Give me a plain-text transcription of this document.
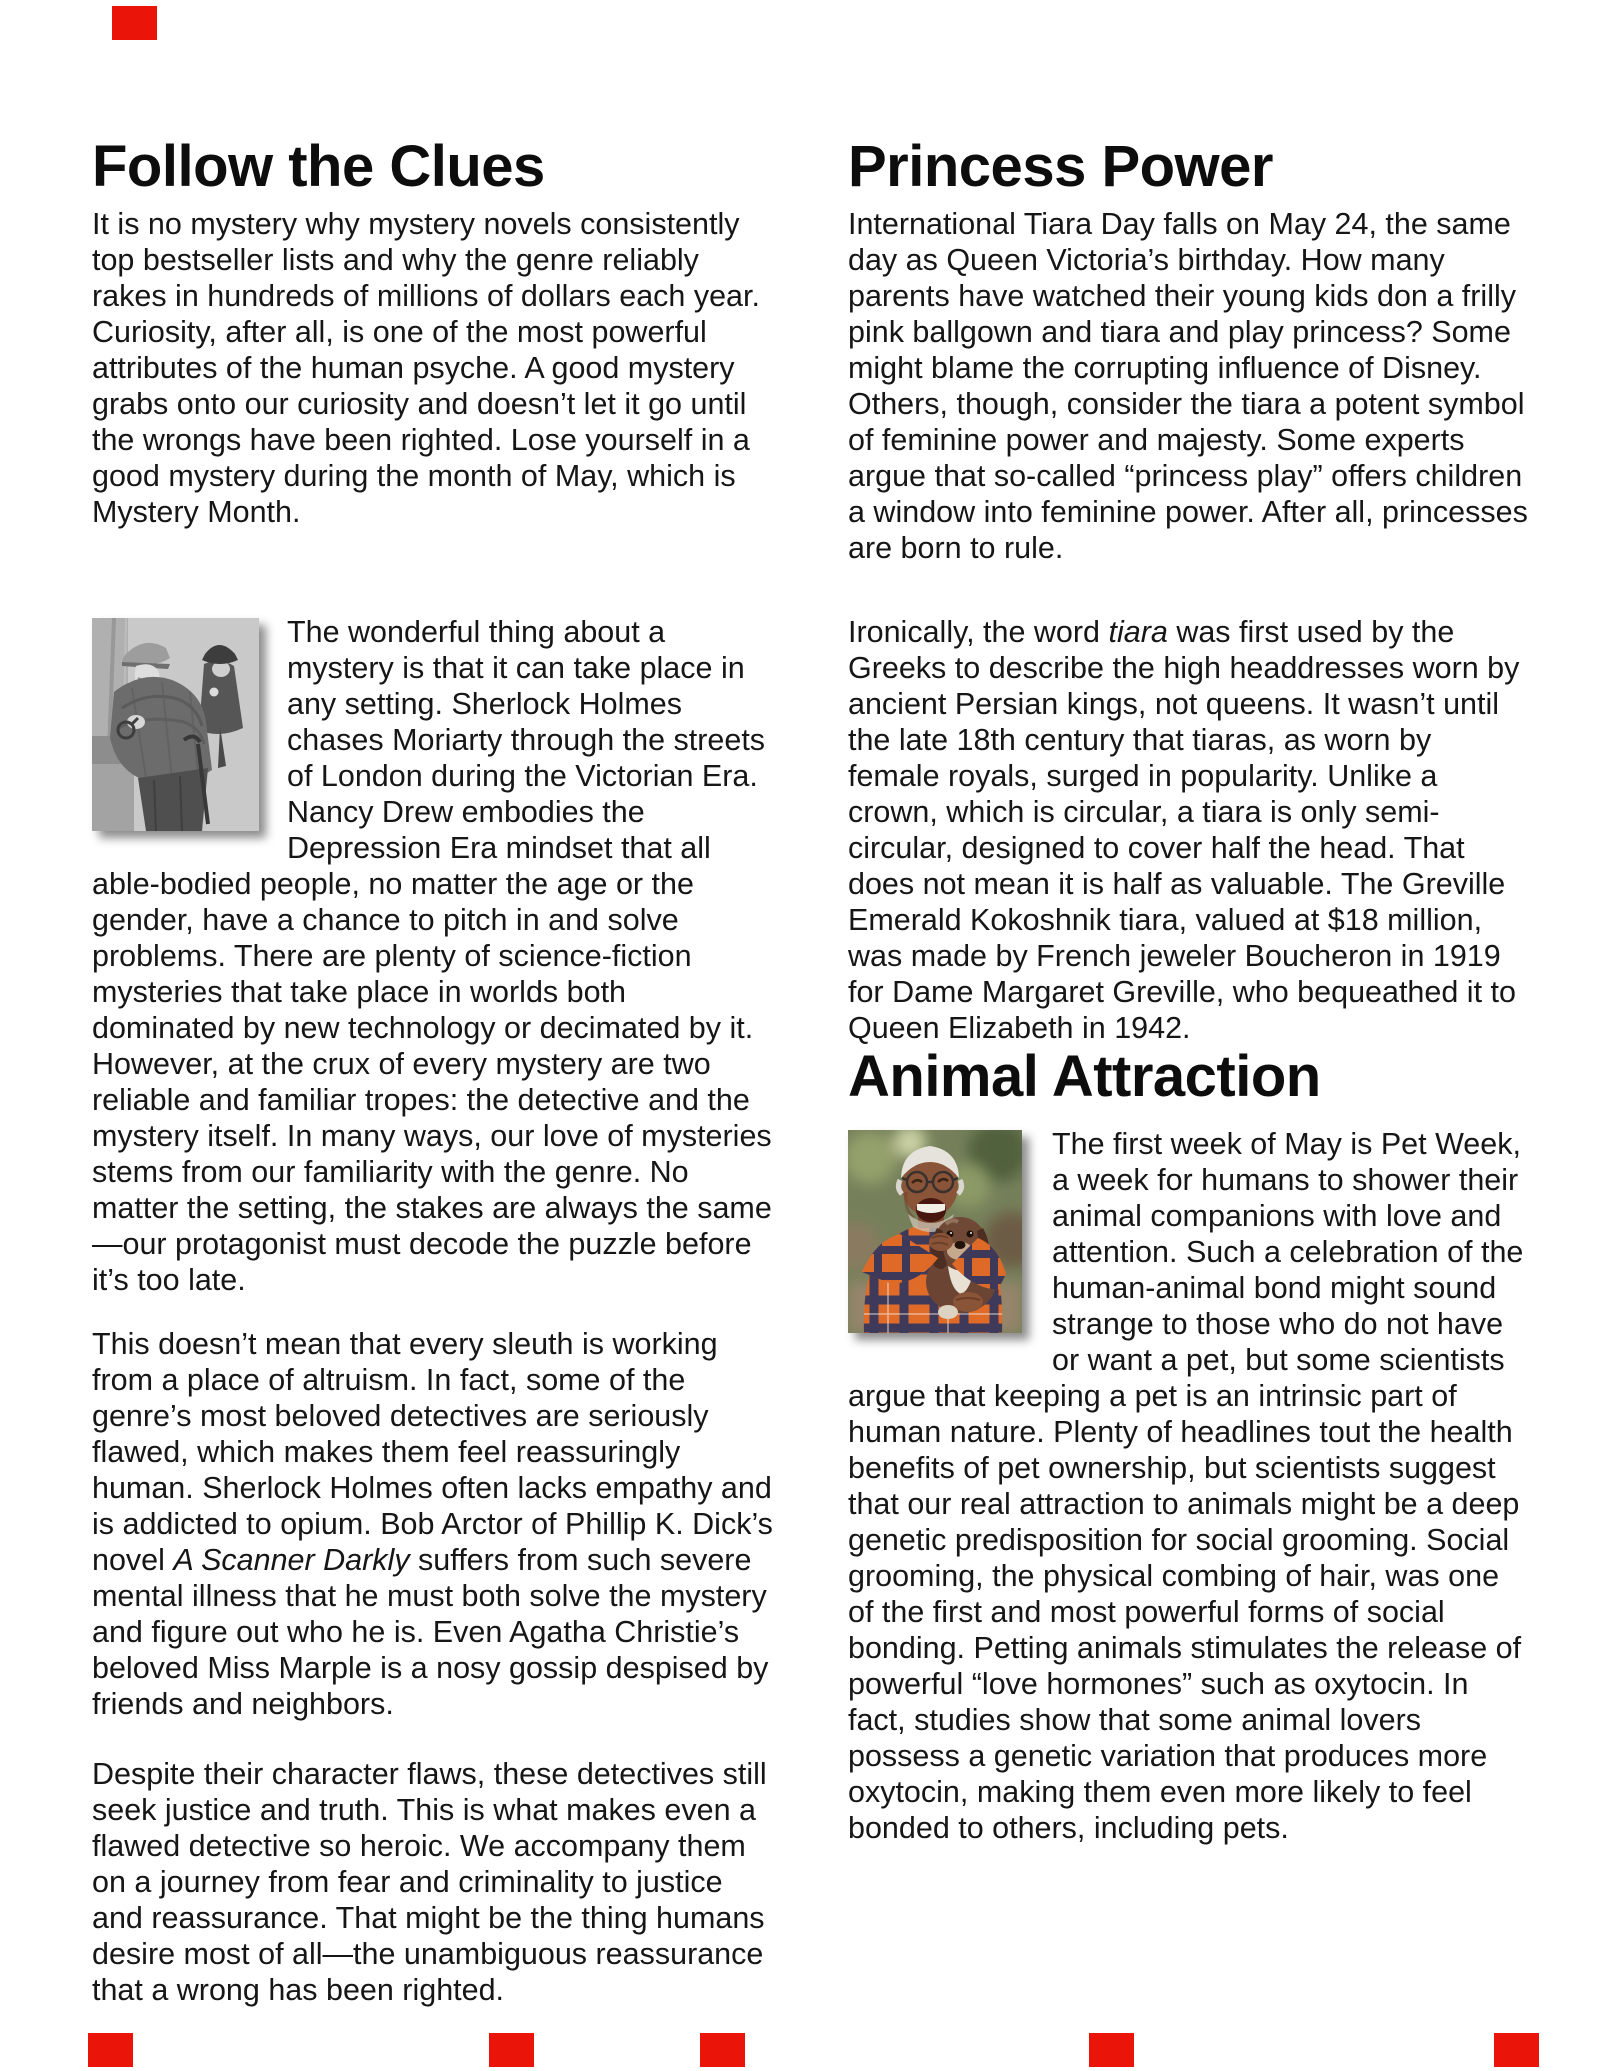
Follow the Clues

It is no mystery why mystery novels consistently top bestseller lists and why the genre reliably rakes in hundreds of millions of dollars each year. Curiosity, after all, is one of the most powerful attributes of the human psyche. A good mystery grabs onto our curiosity and doesn’t let it go until the wrongs have been righted. Lose yourself in a good mystery during the month of May, which is Mystery Month.

The wonderful thing about a mystery is that it can take place in any setting. Sherlock Holmes chases Moriarty through the streets of London during the Victorian Era. Nancy Drew embodies the Depression Era mindset that all able-bodied people, no matter the age or the gender, have a chance to pitch in and solve problems. There are plenty of science-fiction mysteries that take place in worlds both dominated by new technology or decimated by it. However, at the crux of every mystery are two reliable and familiar tropes: the detective and the mystery itself. In many ways, our love of mysteries stems from our familiarity with the genre. No matter the setting, the stakes are always the same—our protagonist must decode the puzzle before it’s too late.

This doesn’t mean that every sleuth is working from a place of altruism. In fact, some of the genre’s most beloved detectives are seriously flawed, which makes them feel reassuringly human. Sherlock Holmes often lacks empathy and is addicted to opium. Bob Arctor of Phillip K. Dick’s novel A Scanner Darkly suffers from such severe mental illness that he must both solve the mystery and figure out who he is. Even Agatha Christie’s beloved Miss Marple is a nosy gossip despised by friends and neighbors.

Despite their character flaws, these detectives still seek justice and truth. This is what makes even a flawed detective so heroic. We accompany them on a journey from fear and criminality to justice and reassurance. That might be the thing humans desire most of all—the unambiguous reassurance that a wrong has been righted.

Princess Power

International Tiara Day falls on May 24, the same day as Queen Victoria’s birthday. How many parents have watched their young kids don a frilly pink ballgown and tiara and play princess? Some might blame the corrupting influence of Disney. Others, though, consider the tiara a potent symbol of feminine power and majesty. Some experts argue that so-called “princess play” offers children a window into feminine power. After all, princesses are born to rule.

Ironically, the word tiara was first used by the Greeks to describe the high headdresses worn by ancient Persian kings, not queens. It wasn’t until the late 18th century that tiaras, as worn by female royals, surged in popularity. Unlike a crown, which is circular, a tiara is only semi-circular, designed to cover half the head. That does not mean it is half as valuable. The Greville Emerald Kokoshnik tiara, valued at $18 million, was made by French jeweler Boucheron in 1919 for Dame Margaret Greville, who bequeathed it to Queen Elizabeth in 1942.

Animal Attraction

The first week of May is Pet Week, a week for humans to shower their animal companions with love and attention. Such a celebration of the human-animal bond might sound strange to those who do not have or want a pet, but some scientists argue that keeping a pet is an intrinsic part of human nature. Plenty of headlines tout the health benefits of pet ownership, but scientists suggest that our real attraction to animals might be a deep genetic predisposition for social grooming. Social grooming, the physical combing of hair, was one of the first and most powerful forms of social bonding. Petting animals stimulates the release of powerful “love hormones” such as oxytocin. In fact, studies show that some animal lovers possess a genetic variation that produces more oxytocin, making them even more likely to feel bonded to others, including pets.
